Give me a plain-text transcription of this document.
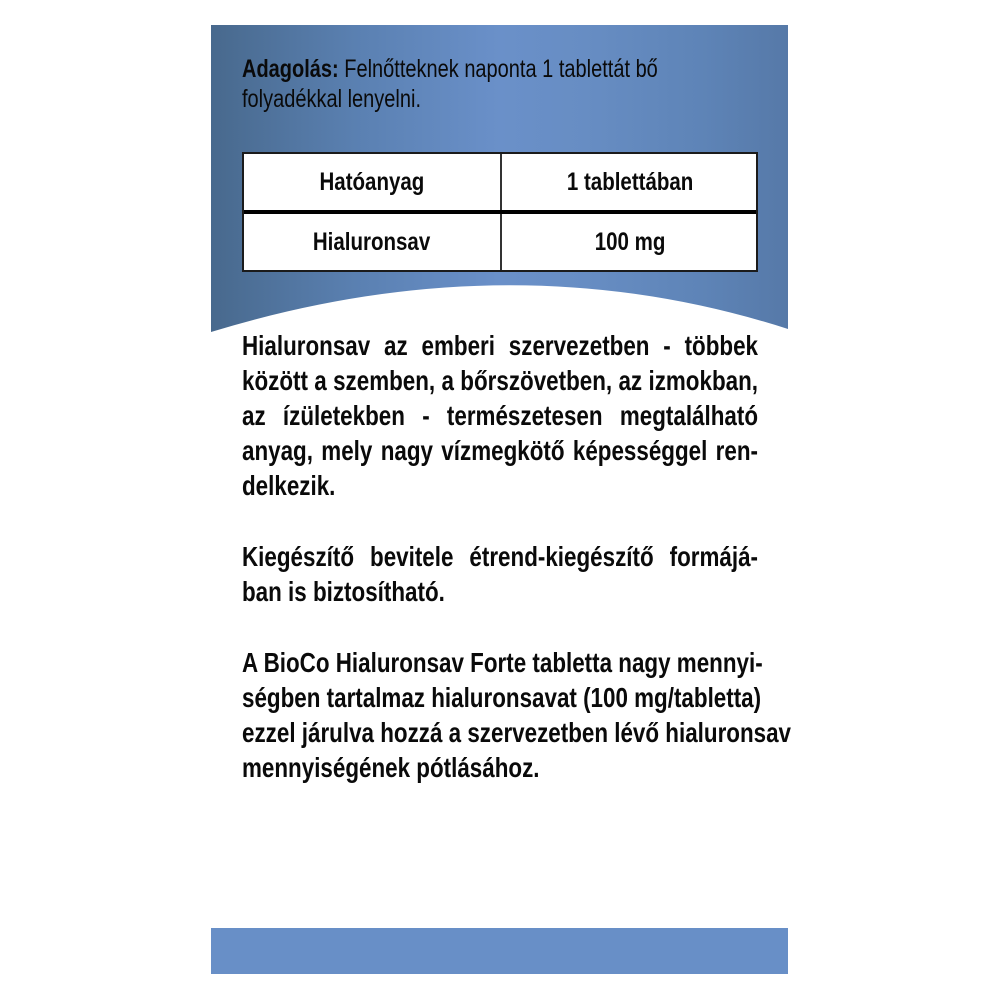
Adagolás: Felnőtteknek naponta 1 tablettát bő
folyadékkal lenyelni.
Hatóanyag	1 tablettában
Hialuronsav	100 mg
Hialuronsav az emberi szervezetben - többek
között a szemben, a bőrszövetben, az izmokban,
az ízületekben - természetesen megtalálható
anyag, mely nagy vízmegkötő képességgel ren-
delkezik.
Kiegészítő bevitele étrend-kiegészítő formájá-
ban is biztosítható.
A BioCo Hialuronsav Forte tabletta nagy mennyi-
ségben tartalmaz hialuronsavat (100 mg/tabletta)
ezzel járulva hozzá a szervezetben lévő hialuronsav
mennyiségének pótlásához.
